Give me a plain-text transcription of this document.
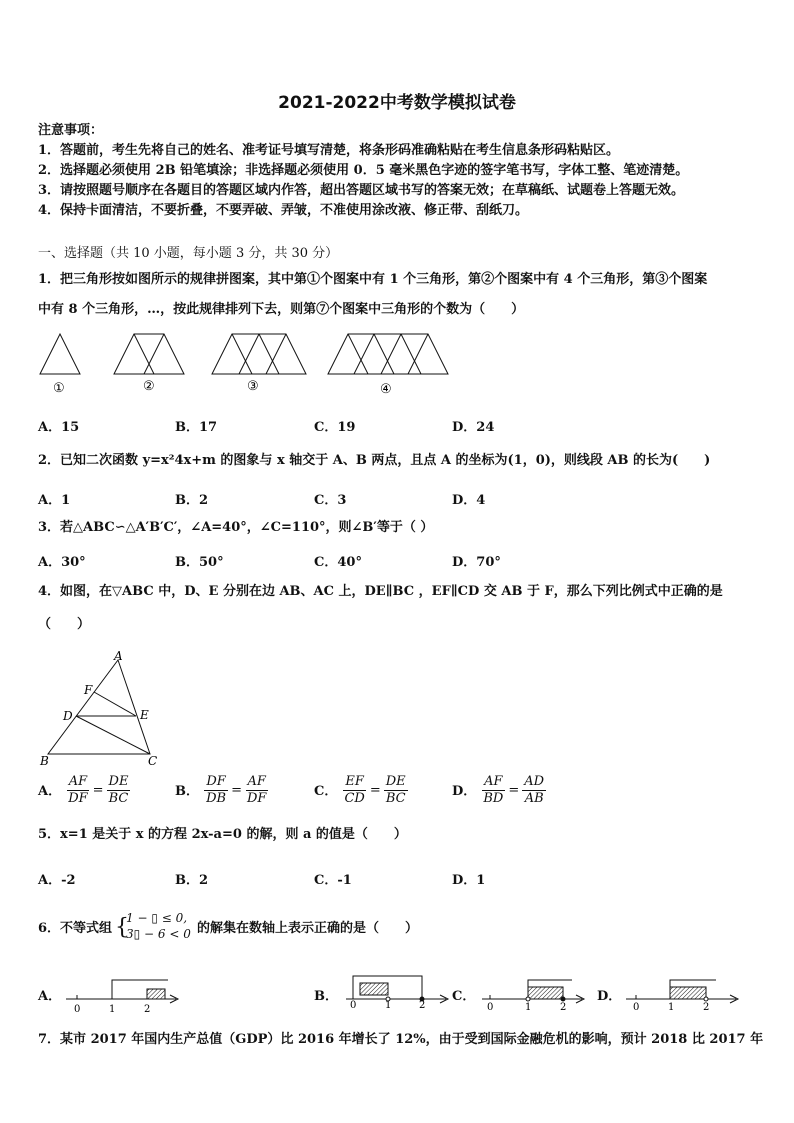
2021-2022中考数学模拟试卷
注意事项：
1．答题前，考生先将自己的姓名、准考证号填写清楚，将条形码准确粘贴在考生信息条形码粘贴区。
2．选择题必须使用 2B 铅笔填涂；非选择题必须使用 0．5 毫米黑色字迹的签字笔书写，字体工整、笔迹清楚。
3．请按照题号顺序在各题目的答题区域内作答，超出答题区域书写的答案无效；在草稿纸、试题卷上答题无效。
4．保持卡面清洁，不要折叠，不要弄破、弄皱，不准使用涂改液、修正带、刮纸刀。
一、选择题（共 10 小题，每小题 3 分，共 30 分）
1．把三角形按如图所示的规律拼图案，其中第①个图案中有 1 个三角形，第②个图案中有 4 个三角形，第③个图案
中有 8 个三角形，…，按此规律排列下去，则第⑦个图案中三角形的个数为（　　）
①	②	③	④
A．15	B．17	C．19	D．24
2．已知二次函数 y=x²4x+m 的图象与 x 轴交于 A、B 两点，且点 A 的坐标为(1，0)，则线段 AB 的长为(　　)
A．1	B．2	C．3	D．4
3．若△ABC∽△A′B′C′，∠A=40°，∠C=110°，则∠B′等于（ ）
A．30°	B．50°	C．40°	D．70°
4．如图，在▽ABC 中，D、E 分别在边 AB、AC 上，DE∥BC ，EF∥CD 交 AB 于 F，那么下列比例式中正确的是
（　　）
A
F
D	E
B	C
A． $\frac{AF}{DF} = \frac{DE}{BC}$	B． $\frac{DF}{DB} = \frac{AF}{DF}$	C． $\frac{EF}{CD} = \frac{DE}{BC}$	D． $\frac{AF}{BD} = \frac{AD}{AB}$
5．x=1 是关于 x 的方程 2x-a=0 的解，则 a 的值是（　　）
A．-2	B．2	C．-1	D．1
6．不等式组 {
1 − ▯ ≤ 0,
3▯ − 6 < 0 的解集在数轴上表示正确的是（　　）
0	1	2	0	1	2	0	1	2	0	1	2
A．	B．	C．	D．
7．某市 2017 年国内生产总值（GDP）比 2016 年增长了 12%，由于受到国际金融危机的影响，预计 2018 比 2017 年
